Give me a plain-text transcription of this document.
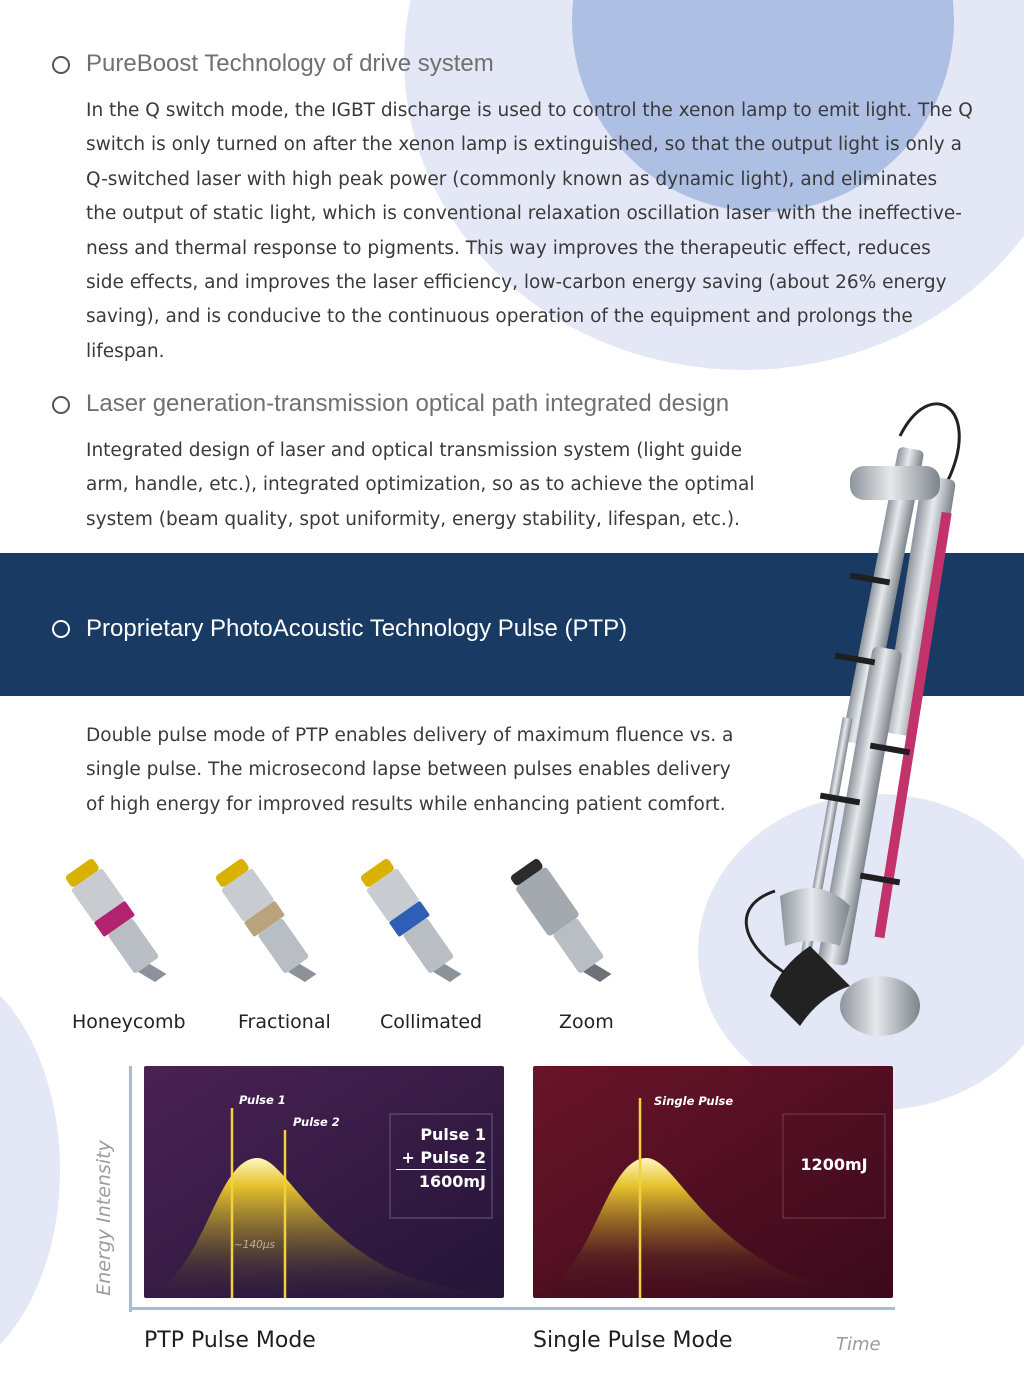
PureBoost Technology of drive system
In the Q switch mode, the IGBT discharge is used to control the xenon lamp to emit light. The Q
switch is only turned on after the xenon lamp is extinguished, so that the output light is only a
Q-switched laser with high peak power (commonly known as dynamic light), and eliminates
the output of static light, which is conventional relaxation oscillation laser with the ineffective-
ness and thermal response to pigments. This way improves the therapeutic effect, reduces
side effects, and improves the laser efficiency, low-carbon energy saving (about 26% energy
saving), and is conducive to the continuous operation of the equipment and prolongs the
lifespan.
Laser generation-transmission optical path integrated design
Integrated design of laser and optical transmission system (light guide
arm, handle, etc.), integrated optimization, so as to achieve the optimal
system (beam quality, spot uniformity, energy stability, lifespan, etc.).
Proprietary PhotoAcoustic Technology Pulse (PTP)
Double pulse mode of PTP enables delivery of maximum fluence vs. a
single pulse. The microsecond lapse between pulses enables delivery
of high energy for improved results while enhancing patient comfort.
Honeycomb	Fractional	Collimated	Zoom
Energy Intensity
Time
Pulse 1
Pulse 2
~140μs
Pulse 1
+ Pulse 2
1600mJ
Single Pulse
1200mJ
PTP Pulse Mode	Single Pulse Mode
